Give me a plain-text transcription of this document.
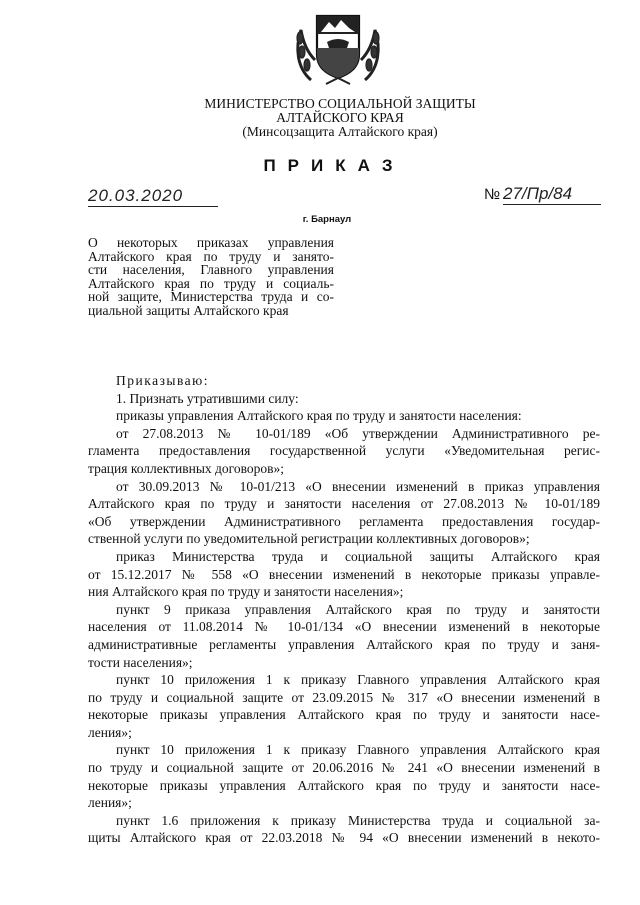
МИНИСТЕРСТВО СОЦИАЛЬНОЙ ЗАЩИТЫ
АЛТАЙСКОГО КРАЯ
(Минсоцзащита Алтайского края)
ПРИКАЗ
20.03.2020	№ 27/Пр/84
г. Барнаул
О некоторых приказах управления
Алтайского края по труду и занято-
сти населения, Главного управления
Алтайского края по труду и социаль-
ной защите, Министерства труда и со-
циальной защиты Алтайского края
Приказываю:
1. Признать утратившими силу:
приказы управления Алтайского края по труду и занятости населения:
от 27.08.2013 № 10-01/189 «Об утверждении Административного ре-
гламента предоставления государственной услуги «Уведомительная регис-
трация коллективных договоров»;
от 30.09.2013 № 10-01/213 «О внесении изменений в приказ управления
Алтайского края по труду и занятости населения от 27.08.2013 № 10-01/189
«Об утверждении Административного регламента предоставления государ-
ственной услуги по уведомительной регистрации коллективных договоров»;
приказ Министерства труда и социальной защиты Алтайского края
от 15.12.2017 № 558 «О внесении изменений в некоторые приказы управле-
ния Алтайского края по труду и занятости населения»;
пункт 9 приказа управления Алтайского края по труду и занятости
населения от 11.08.2014 № 10-01/134 «О внесении изменений в некоторые
административные регламенты управления Алтайского края по труду и заня-
тости населения»;
пункт 10 приложения 1 к приказу Главного управления Алтайского края
по труду и социальной защите от 23.09.2015 № 317 «О внесении изменений в
некоторые приказы управления Алтайского края по труду и занятости насе-
ления»;
пункт 10 приложения 1 к приказу Главного управления Алтайского края
по труду и социальной защите от 20.06.2016 № 241 «О внесении изменений в
некоторые приказы управления Алтайского края по труду и занятости насе-
ления»;
пункт 1.6 приложения к приказу Министерства труда и социальной за-
щиты Алтайского края от 22.03.2018 № 94 «О внесении изменений в некото-
